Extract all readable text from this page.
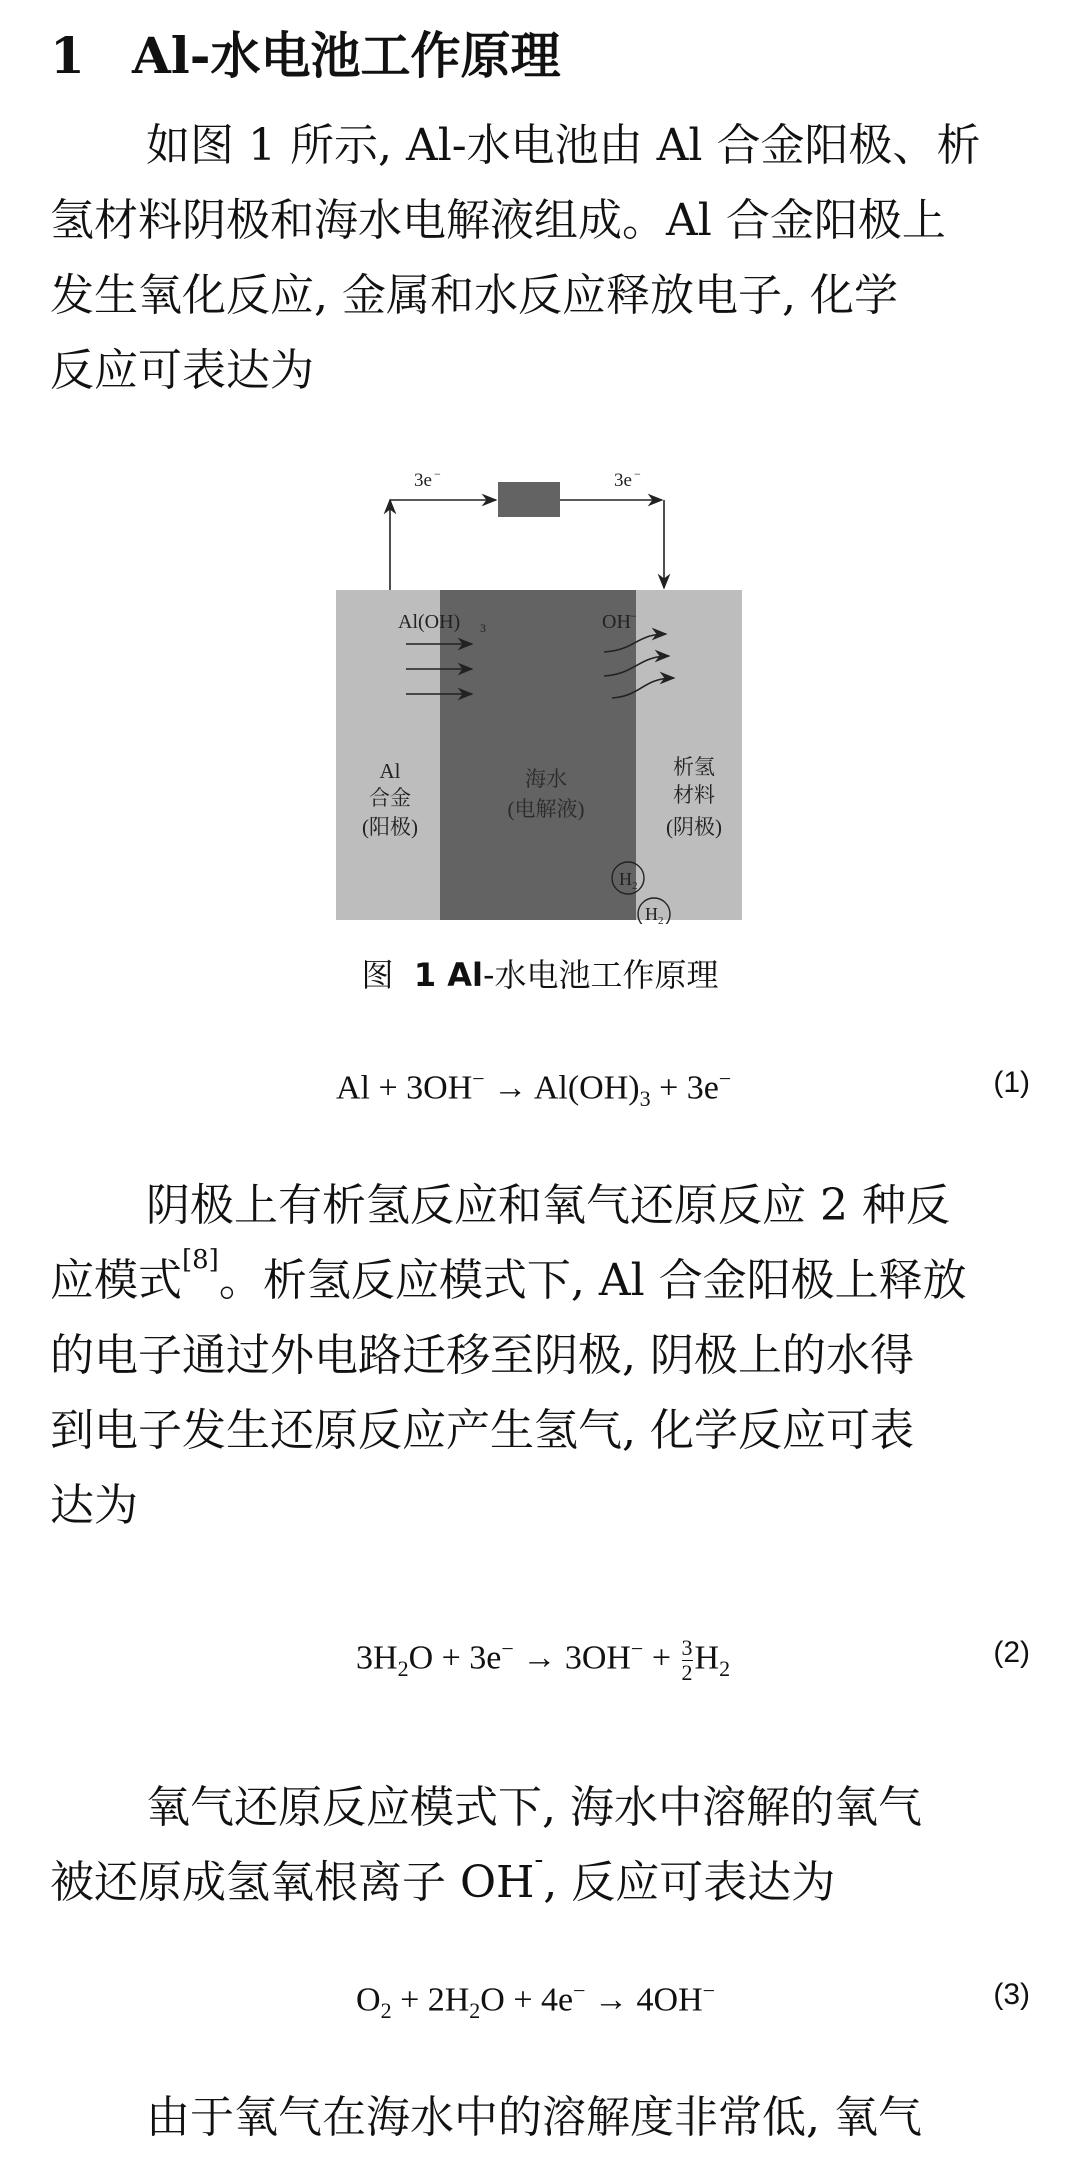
1 Al-水电池工作原理
如图 1 所示, Al-水电池由 Al 合金阳极、析
氢材料阴极和海水电解液组成。Al 合金阳极上
发生氧化反应, 金属和水反应释放电子, 化学
反应可表达为
3e −	3e −
Al(OH) 3	OH −
Al
合金
(阳极)
海水
(电解液)
析氢
材料
(阴极)
H 2
H 2
图 1 Al-水电池工作原理
$Al + 3OH^- \to Al(OH)_3 + 3e^-$	(1)
阴极上有析氢反应和氧气还原反应 2 种反
应模式[8]。析氢反应模式下, Al 合金阳极上释放
的电子通过外电路迁移至阴极, 阴极上的水得
到电子发生还原反应产生氢气, 化学反应可表
达为
$3H_2O + 3e^- \to 3OH^- + \frac{3}{2} H_2$	(2)
氧气还原反应模式下, 海水中溶解的氧气
被还原成氢氧根离子 OH-, 反应可表达为
$O_2 + 2H_2O + 4e^- \to 4OH^-$	(3)
由于氧气在海水中的溶解度非常低, 氧气
